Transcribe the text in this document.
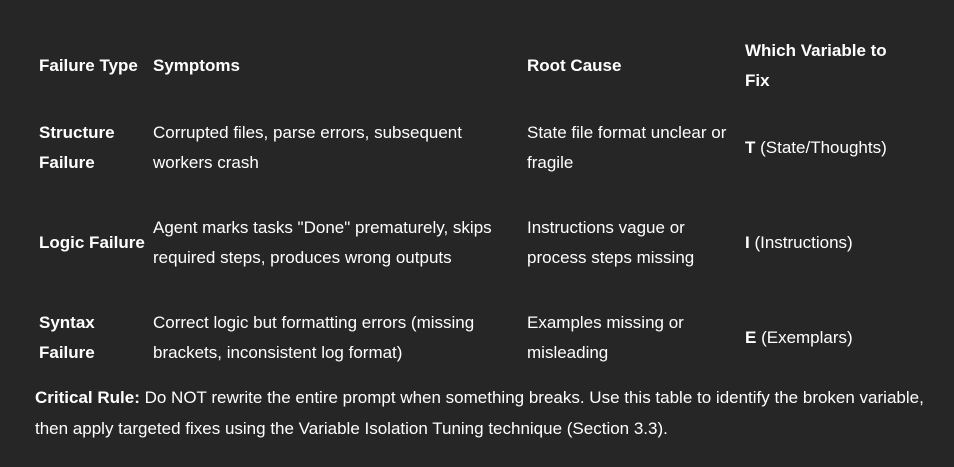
Failure Type Symptoms	Root Cause
Which Variable to Fix
Structure Failure
Corrupted files, parse errors, subsequent workers crash
State file format unclear or fragile
T (State/Thoughts)
Logic Failure
Agent marks tasks "Done" prematurely, skips required steps, produces wrong outputs
Instructions vague or process steps missing
I (Instructions)
Syntax Failure
Correct logic but formatting errors (missing brackets, inconsistent log format)
Examples missing or misleading
E (Exemplars)
Critical Rule: Do NOT rewrite the entire prompt when something breaks. Use this table to identify the broken variable, then apply targeted fixes using the Variable Isolation Tuning technique (Section 3.3).
